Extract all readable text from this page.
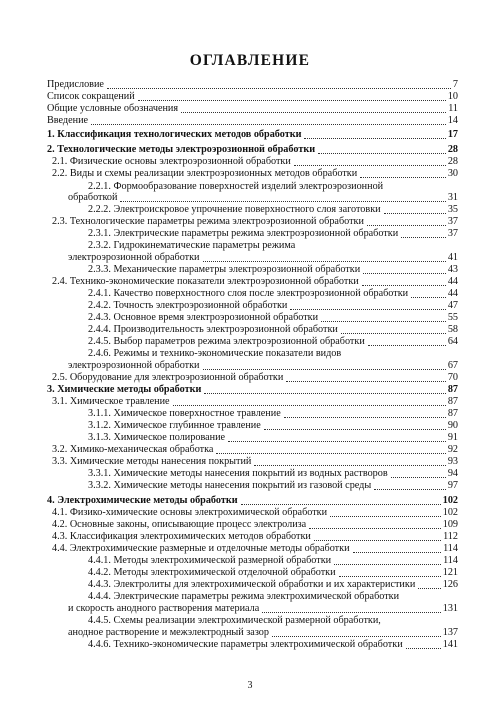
ОГЛАВЛЕНИЕ
Предисловие	7
Список сокращений	10
Общие условные обозначения	11
Введение	14
1. Классификация технологических методов обработки	17
2. Технологические методы электроэрозионной обработки	28
2.1. Физические основы электроэрозионной обработки	28
2.2. Виды и схемы реализации электроэрозионных методов обработки	30
2.2.1. Формообразование поверхностей изделий электроэрозионной
обработкой	31
2.2.2. Электроискровое упрочнение поверхностного слоя заготовки	35
2.3. Технологические параметры режима электроэрозионной обработки	37
2.3.1. Электрические параметры режима электроэрозионной обработки	37
2.3.2. Гидрокинематические параметры режима
электроэрозионной обработки	41
2.3.3. Механические параметры электроэрозионной обработки	43
2.4. Технико-экономические показатели электроэрозионной обработки	44
2.4.1. Качество поверхностного слоя после электроэрозионной обработки	44
2.4.2. Точность электроэрозионной обработки	47
2.4.3. Основное время электроэрозионной обработки	55
2.4.4. Производительность электроэрозионной обработки	58
2.4.5. Выбор параметров режима электроэрозионной обработки	64
2.4.6. Режимы и технико-экономические показатели видов
электроэрозионной обработки	67
2.5. Оборудование для электроэрозионной обработки	70
3. Химические методы обработки	87
3.1. Химическое травление	87
3.1.1. Химическое поверхностное травление	87
3.1.2. Химическое глубинное травление	90
3.1.3. Химическое полирование	91
3.2. Химико-механическая обработка	92
3.3. Химические методы нанесения покрытий	93
3.3.1. Химические методы нанесения покрытий из водных растворов	94
3.3.2. Химические методы нанесения покрытий из газовой среды	97
4. Электрохимические методы обработки	102
4.1. Физико-химические основы электрохимической обработки	102
4.2. Основные законы, описывающие процесс электролиза	109
4.3. Классификация электрохимических методов обработки	112
4.4. Электрохимические размерные и отделочные методы обработки	114
4.4.1. Методы электрохимической размерной обработки	114
4.4.2. Методы электрохимической отделочной обработки	121
4.4.3. Электролиты для электрохимической обработки и их характеристики	126
4.4.4. Электрические параметры режима электрохимической обработки
и скорость анодного растворения материала	131
4.4.5. Схемы реализации электрохимической размерной обработки,
анодное растворение и межэлектродный зазор	137
4.4.6. Технико-экономические параметры электрохимической обработки	141
3
